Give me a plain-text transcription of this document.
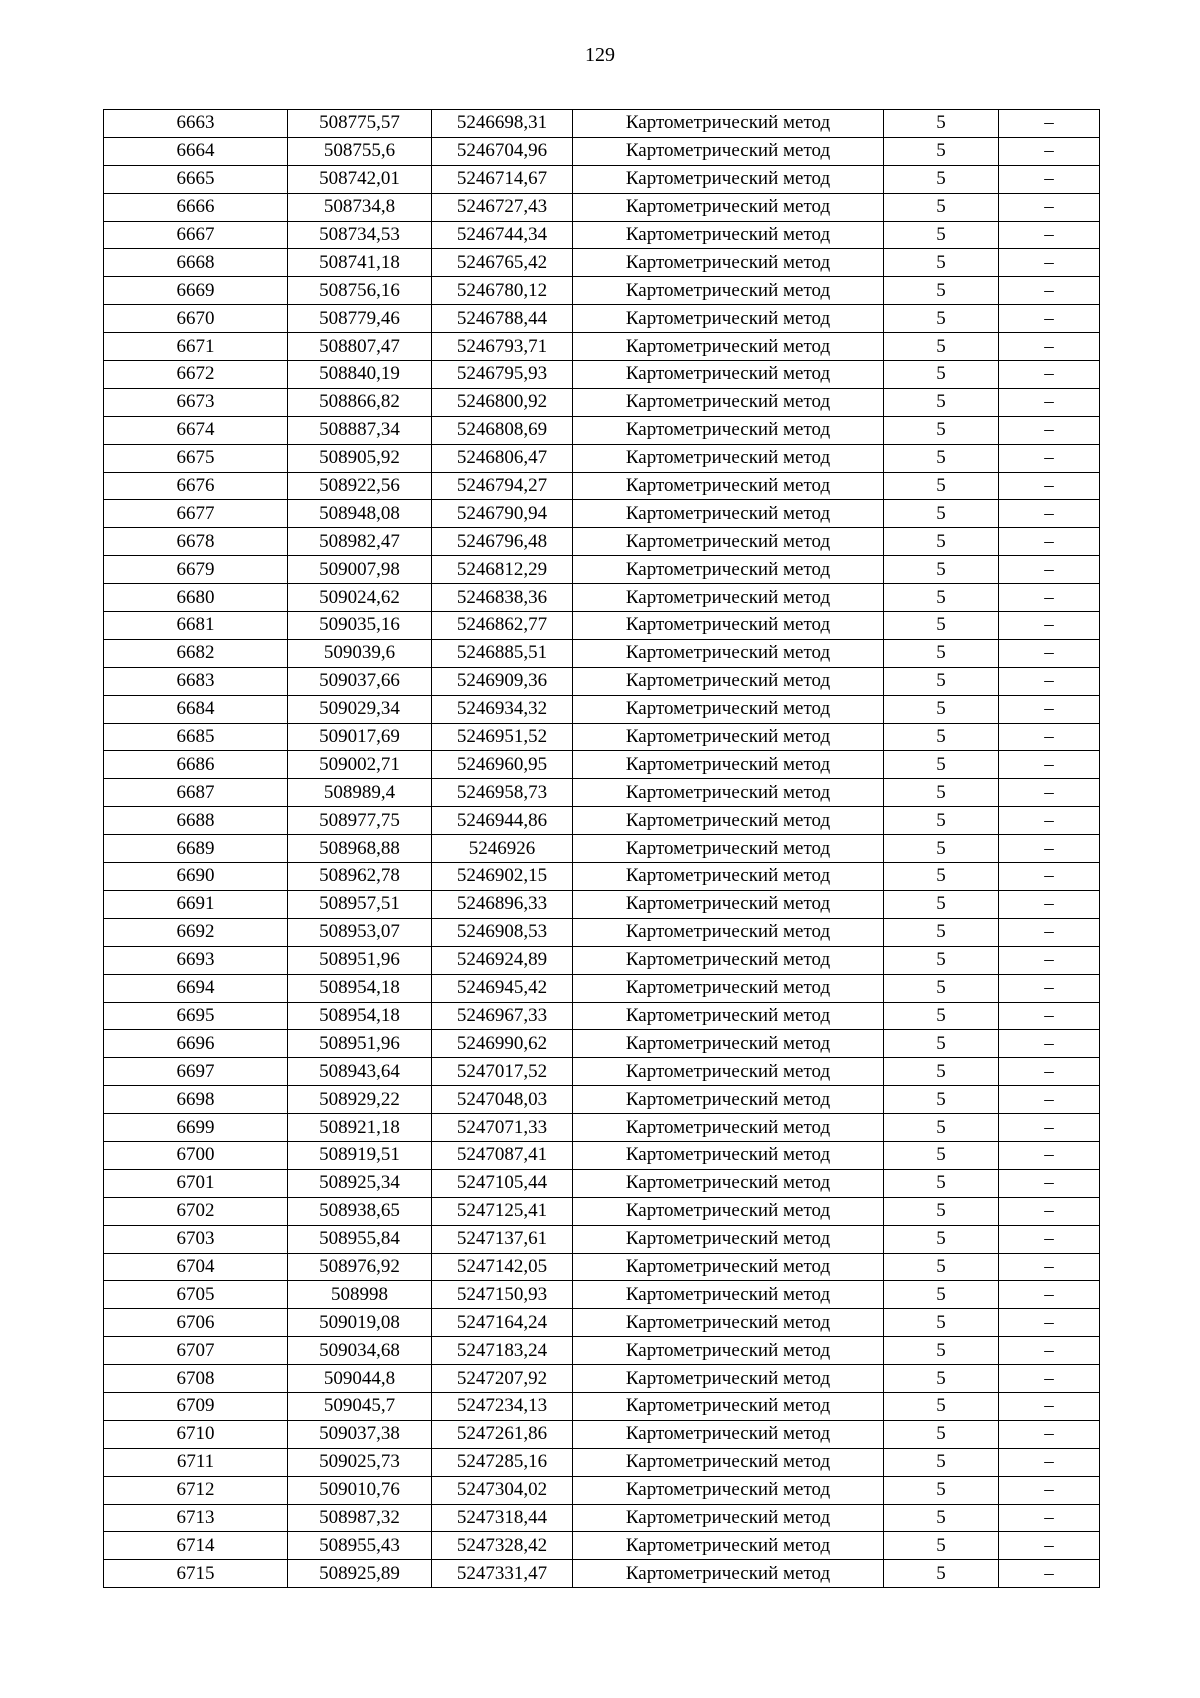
129
6663	508775,57	5246698,31	Картометрический метод	5	–
6664	508755,6	5246704,96	Картометрический метод	5	–
6665	508742,01	5246714,67	Картометрический метод	5	–
6666	508734,8	5246727,43	Картометрический метод	5	–
6667	508734,53	5246744,34	Картометрический метод	5	–
6668	508741,18	5246765,42	Картометрический метод	5	–
6669	508756,16	5246780,12	Картометрический метод	5	–
6670	508779,46	5246788,44	Картометрический метод	5	–
6671	508807,47	5246793,71	Картометрический метод	5	–
6672	508840,19	5246795,93	Картометрический метод	5	–
6673	508866,82	5246800,92	Картометрический метод	5	–
6674	508887,34	5246808,69	Картометрический метод	5	–
6675	508905,92	5246806,47	Картометрический метод	5	–
6676	508922,56	5246794,27	Картометрический метод	5	–
6677	508948,08	5246790,94	Картометрический метод	5	–
6678	508982,47	5246796,48	Картометрический метод	5	–
6679	509007,98	5246812,29	Картометрический метод	5	–
6680	509024,62	5246838,36	Картометрический метод	5	–
6681	509035,16	5246862,77	Картометрический метод	5	–
6682	509039,6	5246885,51	Картометрический метод	5	–
6683	509037,66	5246909,36	Картометрический метод	5	–
6684	509029,34	5246934,32	Картометрический метод	5	–
6685	509017,69	5246951,52	Картометрический метод	5	–
6686	509002,71	5246960,95	Картометрический метод	5	–
6687	508989,4	5246958,73	Картометрический метод	5	–
6688	508977,75	5246944,86	Картометрический метод	5	–
6689	508968,88	5246926	Картометрический метод	5	–
6690	508962,78	5246902,15	Картометрический метод	5	–
6691	508957,51	5246896,33	Картометрический метод	5	–
6692	508953,07	5246908,53	Картометрический метод	5	–
6693	508951,96	5246924,89	Картометрический метод	5	–
6694	508954,18	5246945,42	Картометрический метод	5	–
6695	508954,18	5246967,33	Картометрический метод	5	–
6696	508951,96	5246990,62	Картометрический метод	5	–
6697	508943,64	5247017,52	Картометрический метод	5	–
6698	508929,22	5247048,03	Картометрический метод	5	–
6699	508921,18	5247071,33	Картометрический метод	5	–
6700	508919,51	5247087,41	Картометрический метод	5	–
6701	508925,34	5247105,44	Картометрический метод	5	–
6702	508938,65	5247125,41	Картометрический метод	5	–
6703	508955,84	5247137,61	Картометрический метод	5	–
6704	508976,92	5247142,05	Картометрический метод	5	–
6705	508998	5247150,93	Картометрический метод	5	–
6706	509019,08	5247164,24	Картометрический метод	5	–
6707	509034,68	5247183,24	Картометрический метод	5	–
6708	509044,8	5247207,92	Картометрический метод	5	–
6709	509045,7	5247234,13	Картометрический метод	5	–
6710	509037,38	5247261,86	Картометрический метод	5	–
6711	509025,73	5247285,16	Картометрический метод	5	–
6712	509010,76	5247304,02	Картометрический метод	5	–
6713	508987,32	5247318,44	Картометрический метод	5	–
6714	508955,43	5247328,42	Картометрический метод	5	–
6715	508925,89	5247331,47	Картометрический метод	5	–
